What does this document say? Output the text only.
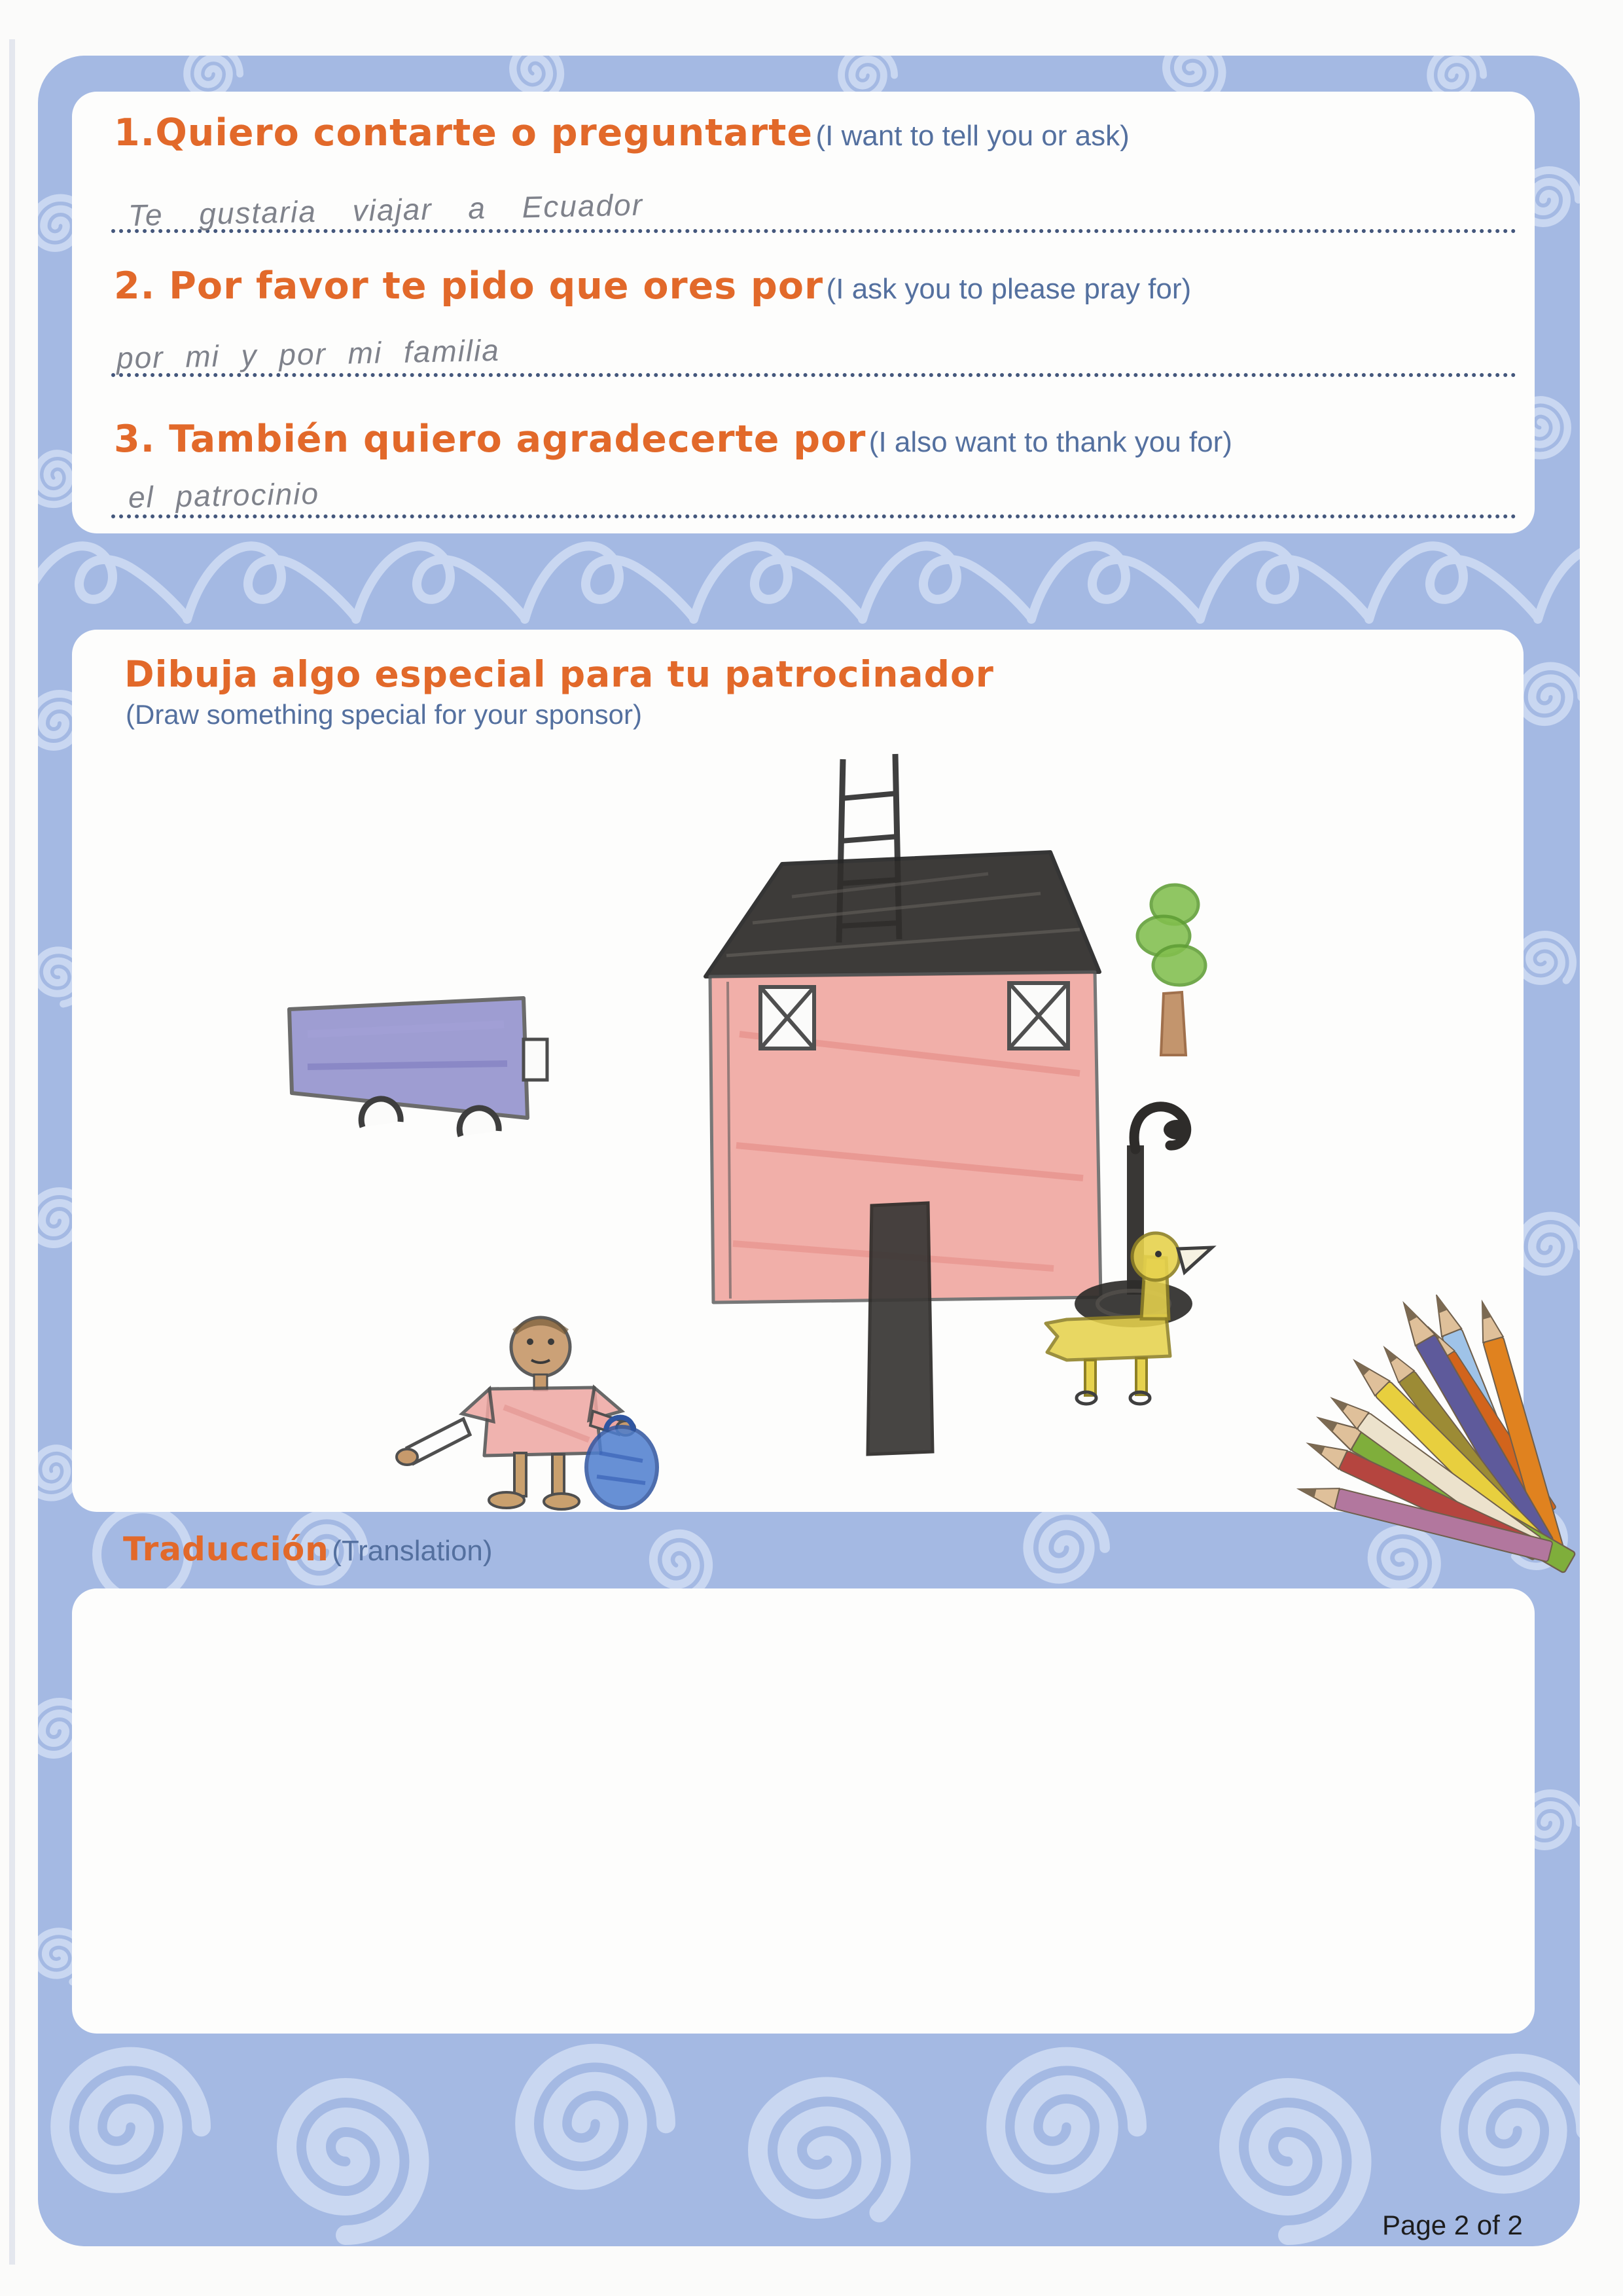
1.Quiero contarte o preguntarte (I want to tell you or ask)
Te gustaria viajar a Ecuador
2. Por favor te pido que ores por (I ask you to please pray for)
por mi y por mi familia
3. También quiero agradecerte por (I also want to thank you for)
el patrocinio
Dibuja algo especial para tu patrocinador
(Draw something special for your sponsor)
Traducción (Translation)
Page 2 of 2
